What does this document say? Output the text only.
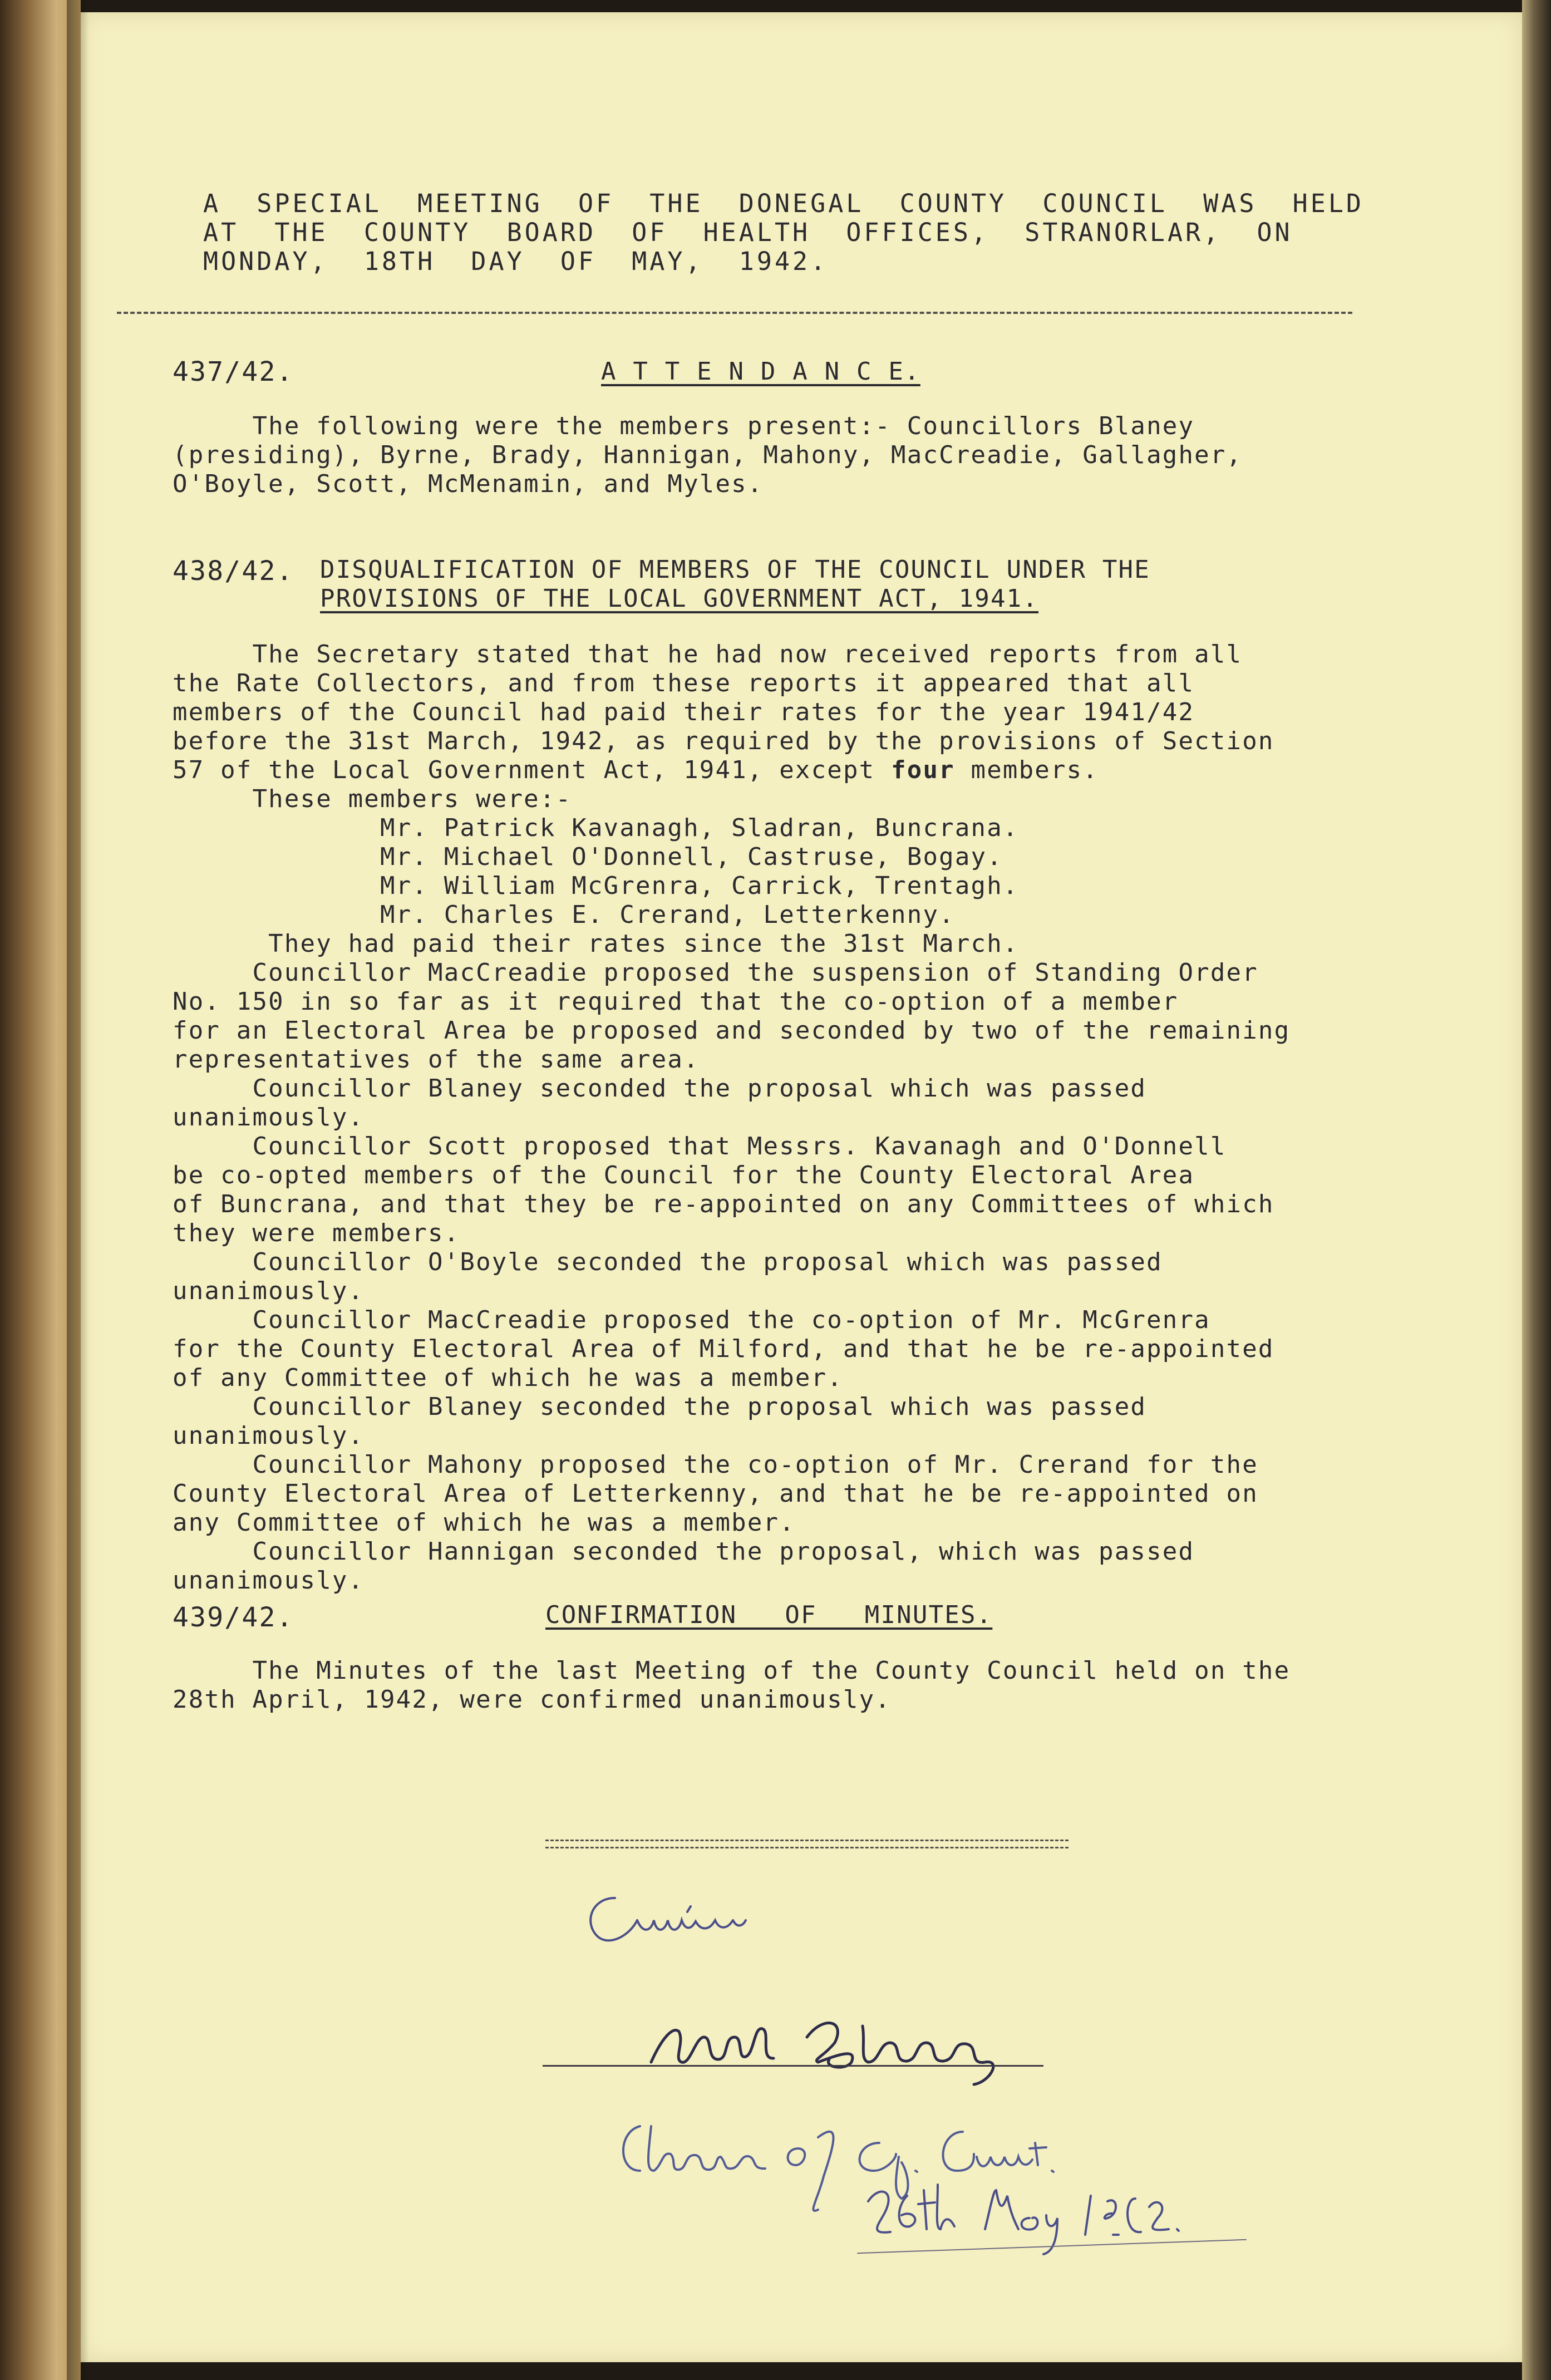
A  SPECIAL  MEETING  OF  THE  DONEGAL  COUNTY  COUNCIL  WAS  HELD
AT  THE  COUNTY  BOARD  OF  HEALTH  OFFICES,  STRANORLAR,  ON
MONDAY,  18TH  DAY  OF  MAY,  1942.
437/42.	A T T E N D A N C E.
The following were the members present:- Councillors Blaney
(presiding), Byrne, Brady, Hannigan, Mahony, MacCreadie, Gallagher,
O'Boyle, Scott, McMenamin, and Myles.
438/42. DISQUALIFICATION OF MEMBERS OF THE COUNCIL UNDER THE
PROVISIONS OF THE LOCAL GOVERNMENT ACT, 1941.
The Secretary stated that he had now received reports from all
the Rate Collectors, and from these reports it appeared that all
members of the Council had paid their rates for the year 1941/42
before the 31st March, 1942, as required by the provisions of Section
57 of the Local Government Act, 1941, except four members.
These members were:-
Mr. Patrick Kavanagh, Sladran, Buncrana.
Mr. Michael O'Donnell, Castruse, Bogay.
Mr. William McGrenra, Carrick, Trentagh.
Mr. Charles E. Crerand, Letterkenny.
They had paid their rates since the 31st March.
Councillor MacCreadie proposed the suspension of Standing Order
No. 150 in so far as it required that the co-option of a member
for an Electoral Area be proposed and seconded by two of the remaining
representatives of the same area.
Councillor Blaney seconded the proposal which was passed
unanimously.
Councillor Scott proposed that Messrs. Kavanagh and O'Donnell
be co-opted members of the Council for the County Electoral Area
of Buncrana, and that they be re-appointed on any Committees of which
they were members.
Councillor O'Boyle seconded the proposal which was passed
unanimously.
Councillor MacCreadie proposed the co-option of Mr. McGrenra
for the County Electoral Area of Milford, and that he be re-appointed
of any Committee of which he was a member.
Councillor Blaney seconded the proposal which was passed
unanimously.
Councillor Mahony proposed the co-option of Mr. Crerand for the
County Electoral Area of Letterkenny, and that he be re-appointed on
any Committee of which he was a member.
Councillor Hannigan seconded the proposal, which was passed
unanimously.
439/42.	CONFIRMATION   OF   MINUTES.
The Minutes of the last Meeting of the County Council held on the
28th April, 1942, were confirmed unanimously.
